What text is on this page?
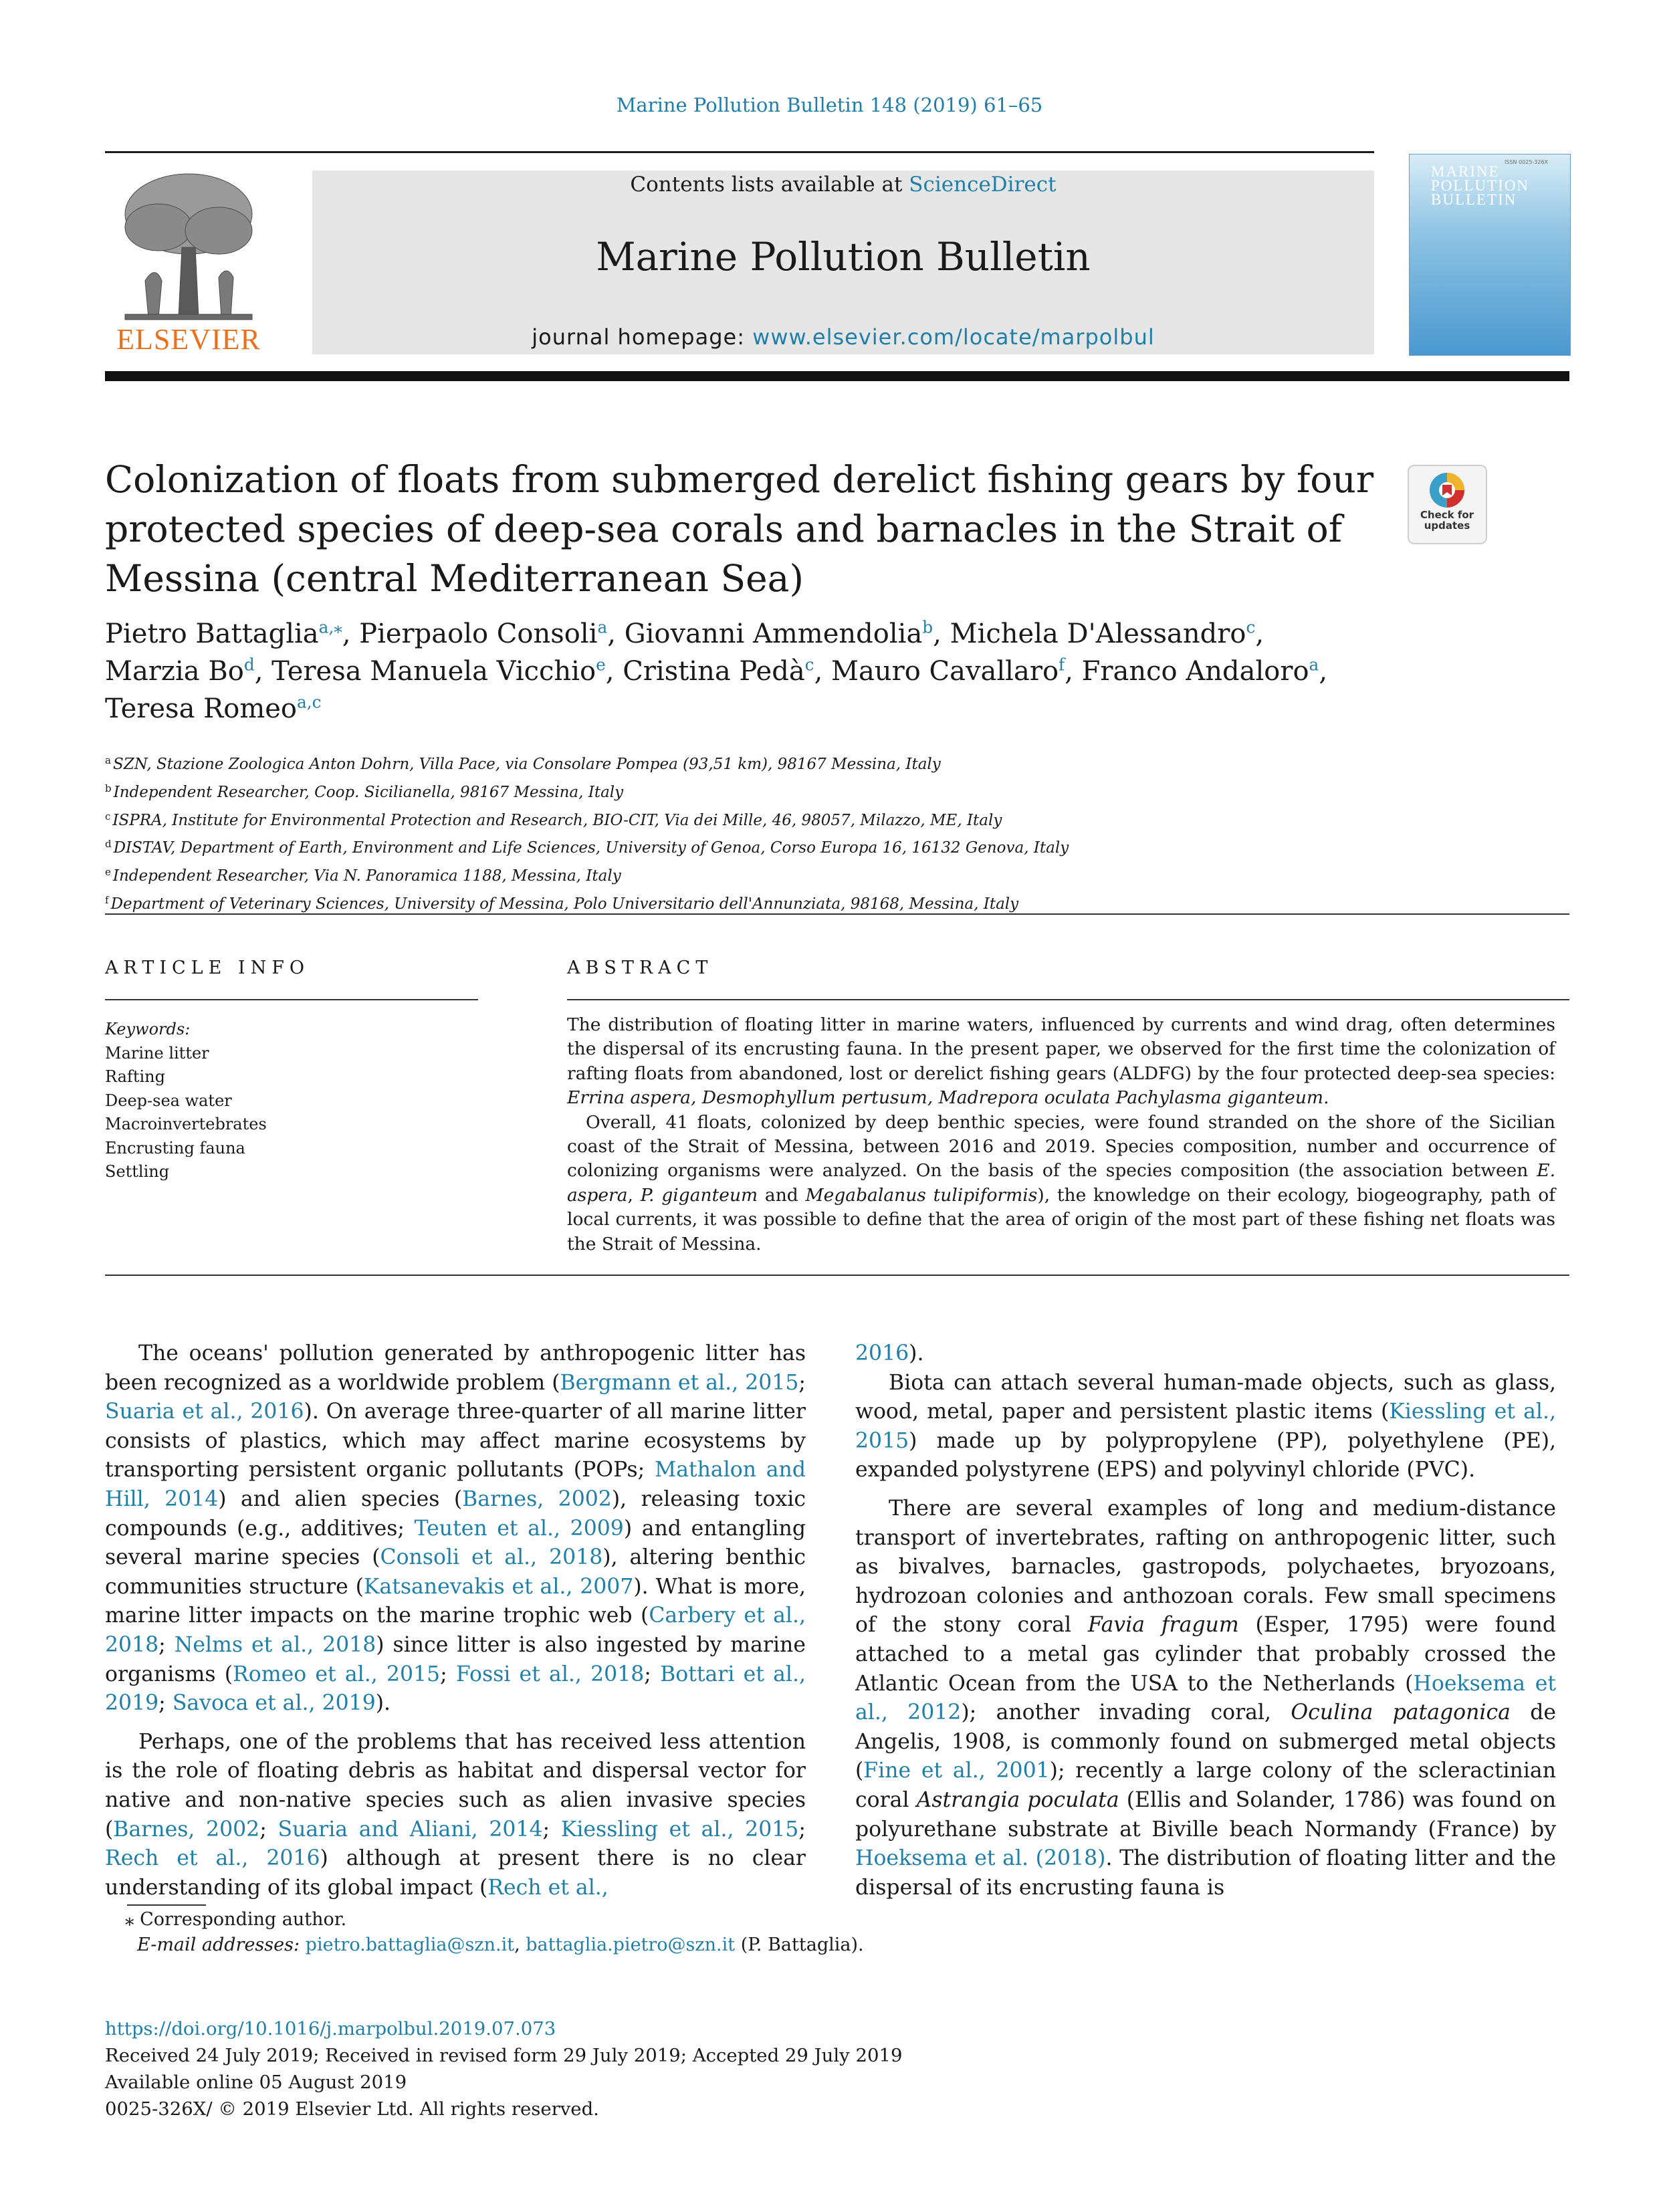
Marine Pollution Bulletin 148 (2019) 61–65
ELSEVIER
Contents lists available at ScienceDirect
Marine Pollution Bulletin
journal homepage: www.elsevier.com/locate/marpolbul
ISSN 0025-326X
MARINE POLLUTION BULLETIN
Colonization of floats from submerged derelict fishing gears by four protected species of deep-sea corals and barnacles in the Strait of Messina (central Mediterranean Sea)
Check for
updates
Pietro Battaglia$^{a,⁎}$, Pierpaolo Consoli$^a$, Giovanni Ammendolia$^b$, Michela D'Alessandro$^c$,
Marzia Bo$^d$, Teresa Manuela Vicchio$^e$, Cristina Pedà$^c$, Mauro Cavallaro$^f$, Franco Andaloro$^a$,
Teresa Romeo$^{a,c}$
$^a$ SZN, Stazione Zoologica Anton Dohrn, Villa Pace, via Consolare Pompea (93,51 km), 98167 Messina, Italy
$^b$ Independent Researcher, Coop. Sicilianella, 98167 Messina, Italy
$^c$ ISPRA, Institute for Environmental Protection and Research, BIO-CIT, Via dei Mille, 46, 98057, Milazzo, ME, Italy
$^d$ DISTAV, Department of Earth, Environment and Life Sciences, University of Genoa, Corso Europa 16, 16132 Genova, Italy
$^e$ Independent Researcher, Via N. Panoramica 1188, Messina, Italy
$^f$ Department of Veterinary Sciences, University of Messina, Polo Universitario dell'Annunziata, 98168, Messina, Italy
ARTICLE INFO
Keywords:
Marine litter
Rafting
Deep-sea water
Macroinvertebrates
Encrusting fauna
Settling
ABSTRACT

The distribution of floating litter in marine waters, influenced by currents and wind drag, often determines the dispersal of its encrusting fauna. In the present paper, we observed for the first time the colonization of rafting floats from abandoned, lost or derelict fishing gears (ALDFG) by the four protected deep-sea species: Errina aspera, Desmophyllum pertusum, Madrepora oculata Pachylasma giganteum.

Overall, 41 floats, colonized by deep benthic species, were found stranded on the shore of the Sicilian coast of the Strait of Messina, between 2016 and 2019. Species composition, number and occurrence of colonizing organisms were analyzed. On the basis of the species composition (the association between E. aspera, P. giganteum and Megabalanus tulipiformis), the knowledge on their ecology, biogeography, path of local currents, it was possible to define that the area of origin of the most part of these fishing net floats was the Strait of Messina.

The oceans' pollution generated by anthropogenic litter has been recognized as a worldwide problem (Bergmann et al., 2015; Suaria et al., 2016). On average three-quarter of all marine litter consists of plastics, which may affect marine ecosystems by transporting persistent organic pollutants (POPs; Mathalon and Hill, 2014) and alien species (Barnes, 2002), releasing toxic compounds (e.g., additives; Teuten et al., 2009) and entangling several marine species (Consoli et al., 2018), altering benthic communities structure (Katsanevakis et al., 2007). What is more, marine litter impacts on the marine trophic web (Carbery et al., 2018; Nelms et al., 2018) since litter is also ingested by marine organisms (Romeo et al., 2015; Fossi et al., 2018; Bottari et al., 2019; Savoca et al., 2019).

Perhaps, one of the problems that has received less attention is the role of floating debris as habitat and dispersal vector for native and non-native species such as alien invasive species (Barnes, 2002; Suaria and Aliani, 2014; Kiessling et al., 2015; Rech et al., 2016) although at present there is no clear understanding of its global impact (Rech et al.,

2016).

Biota can attach several human-made objects, such as glass, wood, metal, paper and persistent plastic items (Kiessling et al., 2015) made up by polypropylene (PP), polyethylene (PE), expanded polystyrene (EPS) and polyvinyl chloride (PVC).

There are several examples of long and medium-distance transport of invertebrates, rafting on anthropogenic litter, such as bivalves, barnacles, gastropods, polychaetes, bryozoans, hydrozoan colonies and anthozoan corals. Few small specimens of the stony coral Favia fragum (Esper, 1795) were found attached to a metal gas cylinder that probably crossed the Atlantic Ocean from the USA to the Netherlands (Hoeksema et al., 2012); another invading coral, Oculina patagonica de Angelis, 1908, is commonly found on submerged metal objects (Fine et al., 2001); recently a large colony of the scleractinian coral Astrangia poculata (Ellis and Solander, 1786) was found on polyurethane substrate at Biville beach Normandy (France) by Hoeksema et al. (2018). The distribution of floating litter and the dispersal of its encrusting fauna is

⁎ Corresponding author.
E-mail addresses: pietro.battaglia@szn.it, battaglia.pietro@szn.it (P. Battaglia).
https://doi.org/10.1016/j.marpolbul.2019.07.073
Received 24 July 2019; Received in revised form 29 July 2019; Accepted 29 July 2019
Available online 05 August 2019
0025-326X/ © 2019 Elsevier Ltd. All rights reserved.
